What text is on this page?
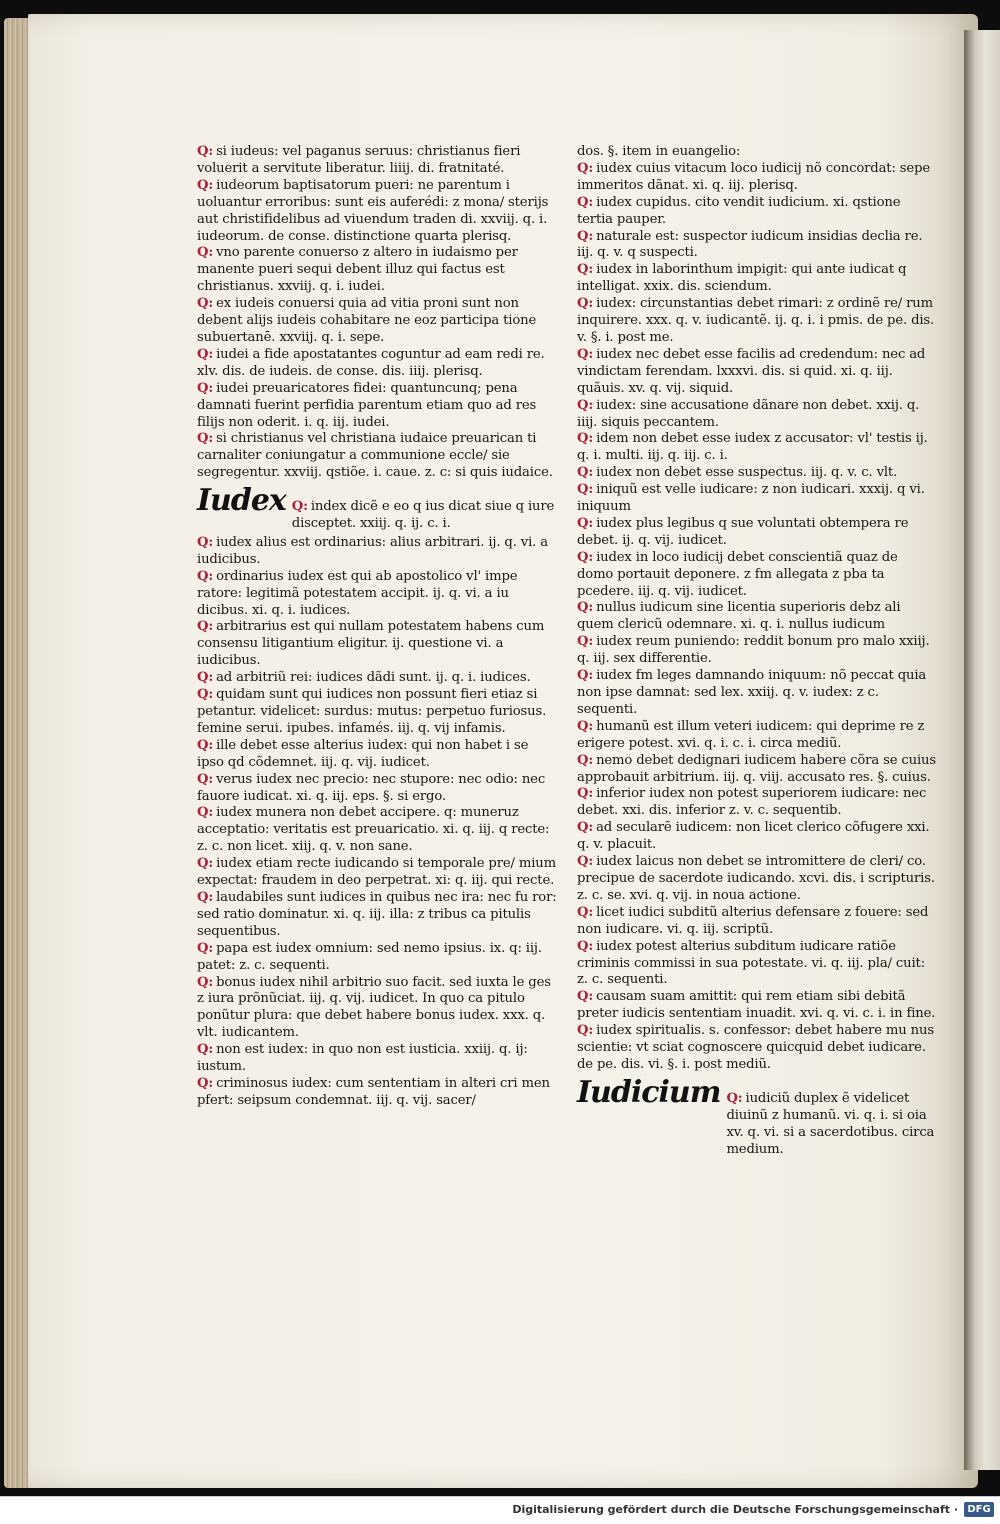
Q: si iudeus: vel paganus seruus: christianus fieri voluerit a servitute liberatur. liiij. di. fratnitaté.

Q: iudeorum baptisatorum pueri: ne parentum i uoluantur erroribus: sunt eis auferédi: z mona/ sterijs aut christifidelibus ad viuendum traden di. xxviij. q. i. iudeorum. de conse. distinctione quarta plerisq.

Q: vno parente conuerso z altero in iudaismo per manente pueri sequi debent illuz qui factus est christianus. xxviij. q. i. iudei.

Q: ex iudeis conuersi quia ad vitia proni sunt non debent alijs iudeis cohabitare ne eoz participa tione subuertanē. xxviij. q. i. sepe.

Q: iudei a fide apostatantes coguntur ad eam redi re. xlv. dis. de iudeis. de conse. dis. iiij. plerisq.

Q: iudei preuaricatores fidei: quantuncunq; pena damnati fuerint perfidia parentum etiam quo ad res filijs non oderit. i. q. iij. iudei.

Q: si christianus vel christiana iudaice preuarican ti carnaliter coniungatur a communione eccle/ sie segregentur. xxviij. qstiõe. i. caue. z. c: si quis iudaice.

Iudex Q: index dicẽ e eo q ius dicat siue q iure disceptet. xxiij. q. ij. c. i.

Q: iudex alius est ordinarius: alius arbitrari. ij. q. vi. a iudicibus.

Q: ordinarius iudex est qui ab apostolico vl' impe ratore: legitimã potestatem accipit. ij. q. vi. a iu dicibus. xi. q. i. iudices.

Q: arbitrarius est qui nullam potestatem habens cum consensu litigantium eligitur. ij. questione vi. a iudicibus.

Q: ad arbitriũ rei: iudices dãdi sunt. ij. q. i. iudices.

Q: quidam sunt qui iudices non possunt fieri etiaz si petantur. videlicet: surdus: mutus: perpetuo furiosus. femine serui. ipubes. infamés. iij. q. vij infamis.

Q: ille debet esse alterius iudex: qui non habet i se ipso qd cõdemnet. iij. q. vij. iudicet.

Q: verus iudex nec precio: nec stupore: nec odio: nec fauore iudicat. xi. q. iij. eps. §. si ergo.

Q: iudex munera non debet accipere. q: muneruz acceptatio: veritatis est preuaricatio. xi. q. iij. q recte: z. c. non licet. xiij. q. v. non sane.

Q: iudex etiam recte iudicando si temporale pre/ mium expectat: fraudem in deo perpetrat. xi: q. iij. qui recte.

Q: laudabiles sunt iudices in quibus nec ira: nec fu ror: sed ratio dominatur. xi. q. iij. illa: z tribus ca pitulis sequentibus.

Q: papa est iudex omnium: sed nemo ipsius. ix. q: iij. patet: z. c. sequenti.

Q: bonus iudex nihil arbitrio suo facit. sed iuxta le ges z iura prõnũciat. iij. q. vij. iudicet. In quo ca pitulo ponũtur plura: que debet habere bonus iudex. xxx. q. vlt. iudicantem.

Q: non est iudex: in quo non est iusticia. xxiij. q. ij: iustum.

Q: criminosus iudex: cum sententiam in alteri cri men pfert: seipsum condemnat. iij. q. vij. sacer/

dos. §. item in euangelio:

Q: iudex cuius vitacum loco iudicij nõ concordat: sepe immeritos dãnat. xi. q. iij. plerisq.

Q: iudex cupidus. cito vendit iudicium. xi. qstione tertia pauper.

Q: naturale est: suspector iudicum insidias declia re. iij. q. v. q suspecti.

Q: iudex in laborinthum impigit: qui ante iudicat q intelligat. xxix. dis. sciendum.

Q: iudex: circunstantias debet rimari: z ordinẽ re/ rum inquirere. xxx. q. v. iudicantẽ. ij. q. i. i pmis. de pe. dis. v. §. i. post me.

Q: iudex nec debet esse facilis ad credendum: nec ad vindictam ferendam. lxxxvi. dis. si quid. xi. q. iij. quãuis. xv. q. vij. siquid.

Q: iudex: sine accusatione dãnare non debet. xxij. q. iiij. siquis peccantem.

Q: idem non debet esse iudex z accusator: vl' testis ij. q. i. multi. iij. q. iij. c. i.

Q: iudex non debet esse suspectus. iij. q. v. c. vlt.

Q: iniquũ est velle iudicare: z non iudicari. xxxij. q vi. iniquum

Q: iudex plus legibus q sue voluntati obtempera re debet. ij. q. vij. iudicet.

Q: iudex in loco iudicij debet conscientiã quaz de domo portauit deponere. z fm allegata z pba ta pcedere. iij. q. vij. iudicet.

Q: nullus iudicum sine licentia superioris debz ali quem clericũ odemnare. xi. q. i. nullus iudicum

Q: iudex reum puniendo: reddit bonum pro malo xxiij. q. iij. sex differentie.

Q: iudex fm leges damnando iniquum: nõ peccat quia non ipse damnat: sed lex. xxiij. q. v. iudex: z c. sequenti.

Q: humanũ est illum veteri iudicem: qui deprime re z erigere potest. xvi. q. i. c. i. circa mediũ.

Q: nemo debet dedignari iudicem habere cõra se cuius approbauit arbitrium. iij. q. viij. accusato res. §. cuius.

Q: inferior iudex non potest superiorem iudicare: nec debet. xxi. dis. inferior z. v. c. sequentib.

Q: ad secularẽ iudicem: non licet clerico cõfugere xxi. q. v. placuit.

Q: iudex laicus non debet se intromittere de cleri/ co. precipue de sacerdote iudicando. xcvi. dis. i scripturis. z. c. se. xvi. q. vij. in noua actione.

Q: licet iudici subditũ alterius defensare z fouere: sed non iudicare. vi. q. iij. scriptũ.

Q: iudex potest alterius subditum iudicare ratiõe criminis commissi in sua potestate. vi. q. iij. pla/ cuit: z. c. sequenti.

Q: causam suam amittit: qui rem etiam sibi debitã preter iudicis sententiam inuadit. xvi. q. vi. c. i. in fine.

Q: iudex spiritualis. s. confessor: debet habere mu nus scientie: vt sciat cognoscere quicquid debet iudicare. de pe. dis. vi. §. i. post mediũ.

Iudicium Q: iudiciũ duplex ẽ videlicet diuinũ z humanũ. vi. q. i. si oia xv. q. vi. si a sacerdotibus. circa medium.
Digitalisierung gefördert durch die Deutsche Forschungsgemeinschaft · DFG
